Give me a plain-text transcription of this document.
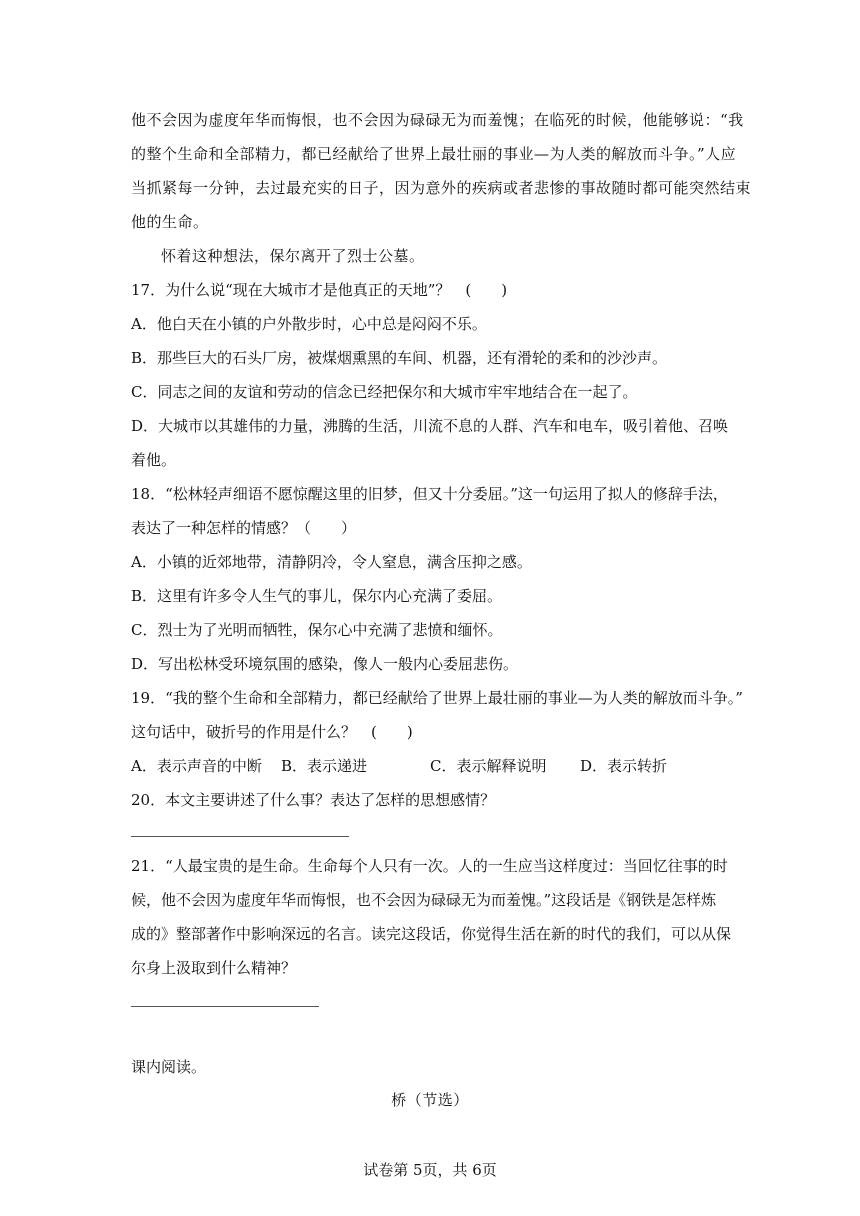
他不会因为虚度年华而悔恨，也不会因为碌碌无为而羞愧；在临死的时候，他能够说：“我
的整个生命和全部精力，都已经献给了世界上最壮丽的事业—为人类的解放而斗争。”人应
当抓紧每一分钟，去过最充实的日子，因为意外的疾病或者悲惨的事故随时都可能突然结束
他的生命。
怀着这种想法，保尔离开了烈士公墓。
17．为什么说“现在大城市才是他真正的天地”？　(　　)
A．他白天在小镇的户外散步时，心中总是闷闷不乐。
B．那些巨大的石头厂房，被煤烟熏黑的车间、机器，还有滑轮的柔和的沙沙声。
C．同志之间的友谊和劳动的信念已经把保尔和大城市牢牢地结合在一起了。
D．大城市以其雄伟的力量，沸腾的生活，川流不息的人群、汽车和电车，吸引着他、召唤
着他。
18．“松林轻声细语不愿惊醒这里的旧梦，但又十分委屈。”这一句运用了拟人的修辞手法，
表达了一种怎样的情感？（　　）
A．小镇的近郊地带，清静阴冷，令人窒息，满含压抑之感。
B．这里有许多令人生气的事儿，保尔内心充满了委屈。
C．烈士为了光明而牺牲，保尔心中充满了悲愤和缅怀。
D．写出松林受环境氛围的感染，像人一般内心委屈悲伤。
19．“我的整个生命和全部精力，都已经献给了世界上最壮丽的事业—为人类的解放而斗争。”
这句话中，破折号的作用是什么？　(　　)
A．表示声音的中断 B．表示递进	C．表示解释说明 D．表示转折
20．本文主要讲述了什么事？表达了怎样的思想感情？
21．“人最宝贵的是生命。生命每个人只有一次。人的一生应当这样度过：当回忆往事的时
候，他不会因为虚度年华而悔恨，也不会因为碌碌无为而羞愧。”这段话是《钢铁是怎样炼
成的》整部著作中影响深远的名言。读完这段话，你觉得生活在新的时代的我们，可以从保
尔身上汲取到什么精神？
课内阅读。
桥（节选）
试卷第 5页，共 6页
